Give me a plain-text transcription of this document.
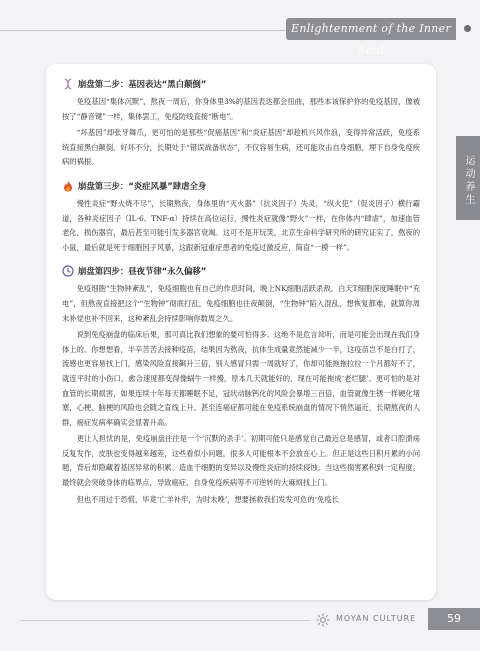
Enlightenment of the Inner Soul
运动养生
崩盘第二步：基因表达“黑白颠倒”

免疫基因“集体沉默”，熬夜一周后，你身体里3%的基因表达都会扭曲，那些本该保护你的免疫基因，像被按了“静音键”一样，集体罢工，免疫防线直接“断电”。

“坏基因”却张牙舞爪，更可怕的是那些“促癌基因”和“炎症基因”却趁机兴风作浪，变得异常活跃，免疫系统直接黑白颠倒、好坏不分，长期处于“错误战备状态”，不仅容易生病，还可能攻击自身细胞，埋下自身免疫疾病的祸根。

崩盘第三步：“炎症风暴”肆虐全身

慢性炎症“野火烧不尽”，长期熬夜，身体里的“灭火器”（抗炎因子）失灵，“纵火犯”（促炎因子）横行霸道，各种炎症因子（IL-6、TNF-α）持续在高位运行，慢性炎症就像“野火”一样，在你体内“肆虐”，加速血管老化，损伤器官，最后甚至可能引发多器官衰竭。这可不是开玩笑，北京生命科学研究所的研究证实了，熬夜的小鼠，最后就是死于细胞因子风暴，这跟新冠重症患者的免疫过激反应，简直“一模一样”。

崩盘第四步：昼夜节律“永久偏移”

免疫细胞“生物钟紊乱”，免疫细胞也有自己的作息时间，晚上NK细胞活跃杀敌，白天T细胞深度睡眠中“充电”，但熬夜直接把这个“生物钟”彻底打乱，免疫细胞也往夜颠倒，“生物钟”陷入混乱，想恢复都难，就算你周末补觉也补不回来，这种紊乱会持续影响你数周之久。

说到免疫崩盘的临床后果，那可真比我们想象的要可怕得多。这绝不是危言耸听，而是可能会出现在我们身体上的。你想想看，半辛苦苦去接种疫苗，结果因为熬夜，抗体生成量竟然能减少一半，这疫苗岂不是白打了，流感也更容易找上门，感染风险直接飙升三倍，别人感冒只需一周就好了，你却可能拖拖拉拉一个月都好不了，就连平时的小伤口，愈合速度都变得像蜗牛一样慢，原本几天就能好的，现在可能拖成‘老烂腿’。更可怕的是对血管的长期损害，如果连续十年每天都睡眠不足，冠状动脉钙化的风险会暴增三百倍，血管就像生锈一样硬化堵塞，心梗、脑梗的风险也会随之直线上升。甚至连癌症都可能在免疫系统崩盘的情况下悄然逼近，长期熬夜的人群，癌症发病率确实会显著升高。

更让人担忧的是，免疫崩盘往往是一个‘沉默的杀手’。初期可能只是感觉自己最近总是感冒，或者口腔溃疡反复发作，皮肤也变得越来越差，这些看似小问题，很多人可能根本不会放在心上。但正是这些日积月累的小问题，背后却隐藏着基因异常的积累、造血干细胞的变异以及慢性炎症的持续侵蚀。当这些损害累积到一定程度，最终就会突破身体的临界点，导致癌症、自身免疫疾病等不可逆转的大麻烦找上门。

但也不用过于恐慌，毕竟‘亡羊补牢，为时未晚’，想要拯救我们发发可危的‘免疫长

MOYAN CULTURE	59
